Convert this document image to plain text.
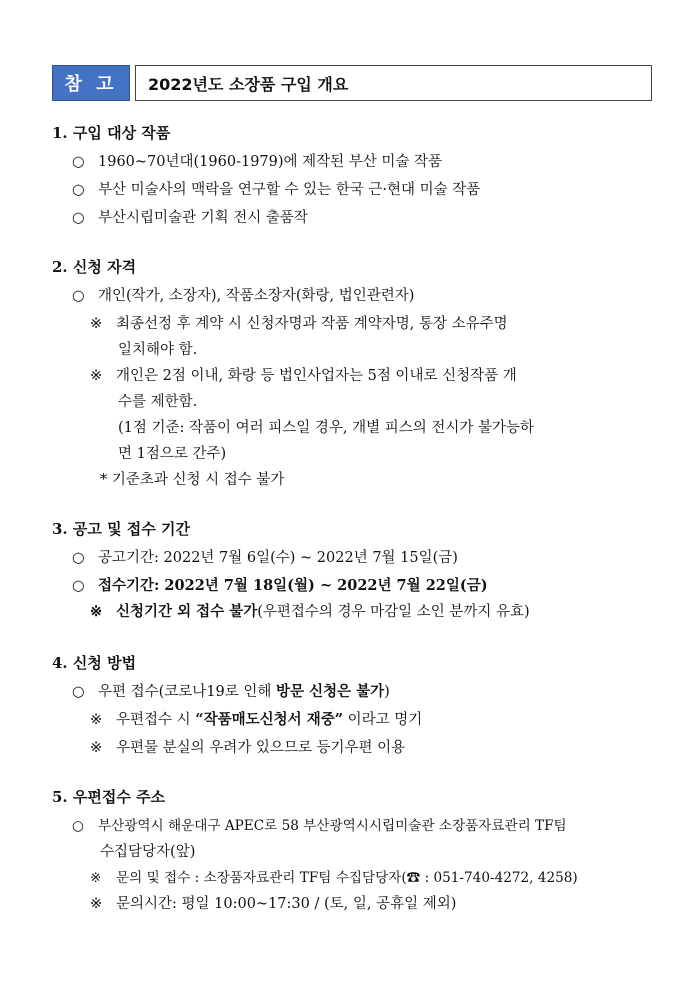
참 고	2022년도 소장품 구입 개요
1. 구입 대상 작품
○ 1960~70년대(1960-1979)에 제작된 부산 미술 작품
○ 부산 미술사의 맥락을 연구할 수 있는 한국 근·현대 미술 작품
○ 부산시립미술관 기획 전시 출품작
2. 신청 자격
○ 개인(작가, 소장자), 작품소장자(화랑, 법인관련자)
※ 최종선정 후 계약 시 신청자명과 작품 계약자명, 통장 소유주명
일치해야 함.
※ 개인은 2점 이내, 화랑 등 법인사업자는 5점 이내로 신청작품 개
수를 제한함.
(1점 기준: 작품이 여러 피스일 경우, 개별 피스의 전시가 불가능하
면 1점으로 간주)
* 기준초과 신청 시 접수 불가
3. 공고 및 접수 기간
○ 공고기간: 2022년 7월 6일(수) ~ 2022년 7월 15일(금)
○ 접수기간: 2022년 7월 18일(월) ~ 2022년 7월 22일(금)
※ 신청기간 외 접수 불가(우편접수의 경우 마감일 소인 분까지 유효)
4. 신청 방법
○ 우편 접수(코로나19로 인해 방문 신청은 불가)
※ 우편접수 시 “작품매도신청서 재중” 이라고 명기
※ 우편물 분실의 우려가 있으므로 등기우편 이용
5. 우편접수 주소
○ 부산광역시 해운대구 APEC로 58 부산광역시시립미술관 소장품자료관리 TF팀
수집담당자(앞)
※ 문의 및 접수 : 소장품자료관리 TF팀 수집담당자(☎ : 051-740-4272, 4258)
※ 문의시간: 평일 10:00~17:30 / (토, 일, 공휴일 제외)
